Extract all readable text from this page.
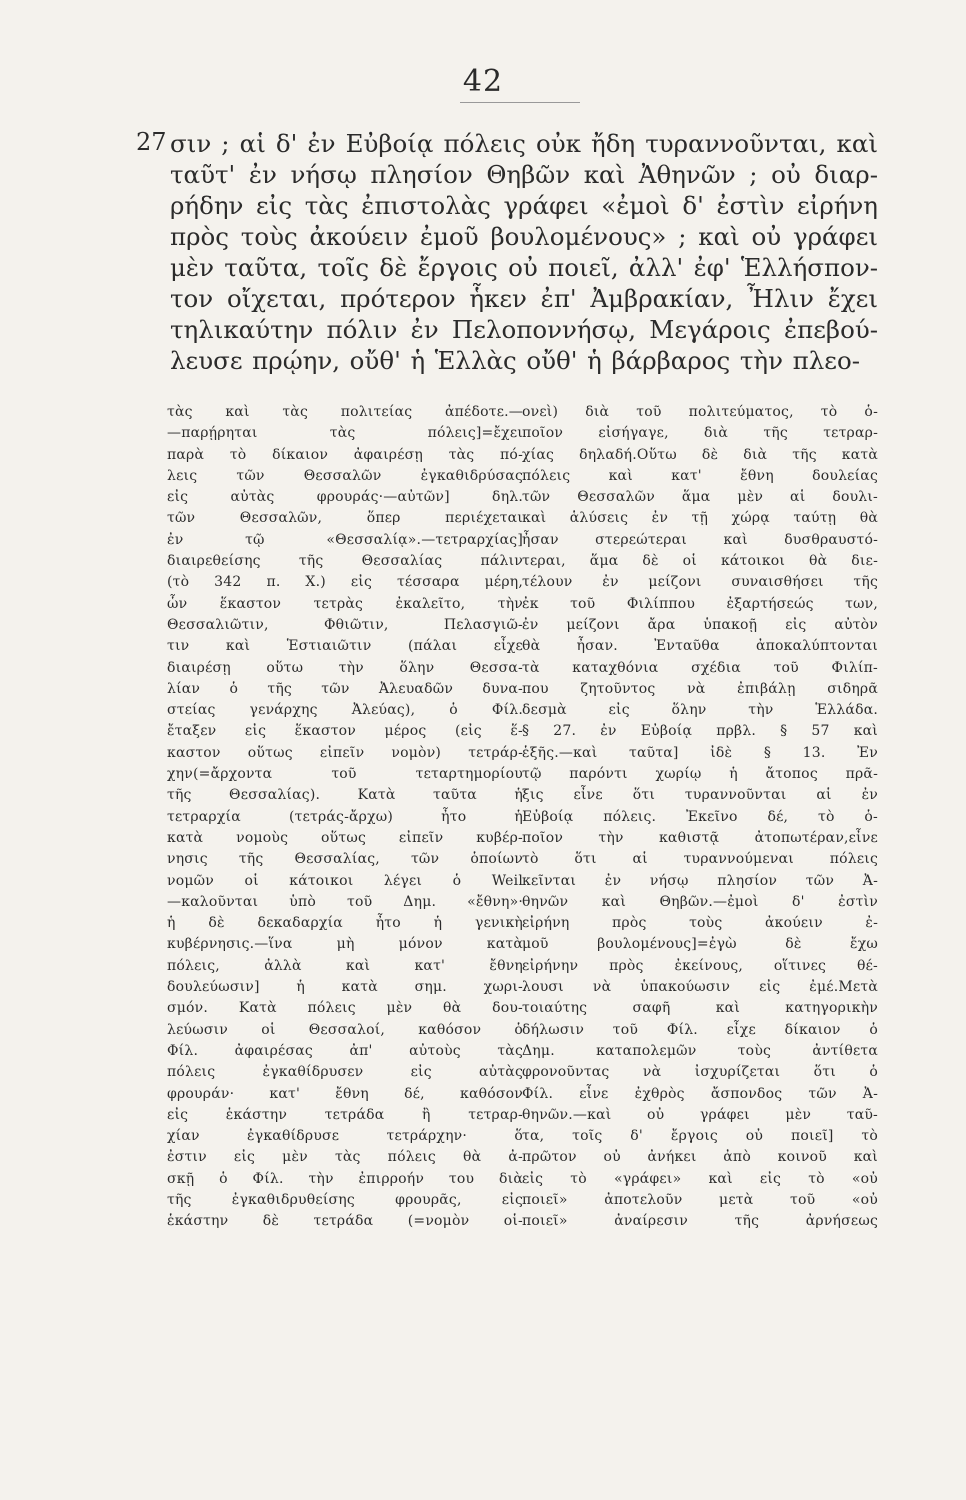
42
27 σιν ; αἱ δ' ἐν Εὐβοίᾳ πόλεις οὐκ ἤδη τυραννοῦνται, καὶ
ταῦτ' ἐν νήσῳ πλησίον Θηβῶν καὶ Ἀθηνῶν ; οὐ διαρ-
ρήδην εἰς τὰς ἐπιστολὰς γράφει «ἐμοὶ δ' ἐστὶν εἰρήνη
πρὸς τοὺς ἀκούειν ἐμοῦ βουλομένους» ; καὶ οὐ γράφει
μὲν ταῦτα, τοῖς δὲ ἔργοις οὐ ποιεῖ, ἀλλ' ἐφ' Ἑλλήσπον-
τον οἴχεται, πρότερον ἧκεν ἐπ' Ἀμβρακίαν, Ἦλιν ἔχει
τηλικαύτην πόλιν ἐν Πελοποννήσῳ, Μεγάροις ἐπεβού-
λευσε πρῴην, οὔθ' ἡ Ἑλλὰς οὔθ' ἡ βάρβαρος τὴν πλεο-
τὰς καὶ τὰς πολιτείας ἀπέδοτε.—
—παρῄρηται τὰς πόλεις]=ἔχει
παρὰ τὸ δίκαιον ἀφαιρέσῃ τὰς πό-
λεις τῶν Θεσσαλῶν ἐγκαθιδρύσας
εἰς αὐτὰς φρουράς·—αὐτῶν] δηλ.
τῶν Θεσσαλῶν, ὅπερ περιέχεται
ἐν τῷ «Θεσσαλίᾳ».—τετραρχίας]
διαιρεθείσης τῆς Θεσσαλίας πάλιν
(τὸ 342 π. Χ.) εἰς τέσσαρα μέρη,
ὧν ἕκαστον τετρὰς ἐκαλεῖτο, τὴν
Θεσσαλιῶτιν, Φθιῶτιν, Πελασγιῶ-
τιν καὶ Ἑστιαιῶτιν (πάλαι εἶχε
διαιρέσῃ οὕτω τὴν ὅλην Θεσσα-
λίαν ὁ τῆς τῶν Ἀλευαδῶν δυνα-
στείας γενάρχης Ἀλεύας), ὁ Φίλ.
ἔταξεν εἰς ἕκαστον μέρος (εἰς ἕ-
καστον οὕτως εἰπεῖν νομὸν) τετράρ-
χην(=ἄρχοντα τοῦ τεταρτημορίου
τῆς Θεσσαλίας). Κατὰ ταῦτα ἡ
τετραρχία (τετράς-ἄρχω) ἦτο ἡ
κατὰ νομοὺς οὕτως εἰπεῖν κυβέρ-
νησις τῆς Θεσσαλίας, τῶν ὁποίων
νομῶν οἱ κάτοικοι λέγει ὁ Weil
—καλοῦνται ὑπὸ τοῦ Δημ. «ἔθνη»·
ἡ δὲ δεκαδαρχία ἦτο ἡ γενικὴ
κυβέρνησις.—ἵνα μὴ μόνον κατὰ
πόλεις, ἀλλὰ καὶ κατ' ἔθνη
δουλεύωσιν] ἡ κατὰ σημ. χωρι-
σμόν. Κατὰ πόλεις μὲν θὰ δου-
λεύωσιν οἱ Θεσσαλοί, καθόσον ὁ
Φίλ. ἀφαιρέσας ἀπ' αὐτοὺς τὰς
πόλεις ἐγκαθίδρυσεν εἰς αὐτὰς
φρουράν· κατ' ἔθνη δέ, καθόσον
εἰς ἑκάστην τετράδα ἢ τετραρ-
χίαν ἐγκαθίδρυσε τετράρχην· ὅ
ἐστιν εἰς μὲν τὰς πόλεις θὰ ἀ-
σκῇ ὁ Φίλ. τὴν ἐπιρροήν του διὰ
τῆς ἐγκαθιδρυθείσης φρουρᾶς, εἰς
ἑκάστην δὲ τετράδα (=νομὸν οἱ-
ονεὶ) διὰ τοῦ πολιτεύματος, τὸ ὁ-
ποῖον εἰσήγαγε, διὰ τῆς τετραρ-
χίας δηλαδή.Οὕτω δὲ διὰ τῆς κατὰ
πόλεις καὶ κατ' ἔθνη δουλείας
τῶν Θεσσαλῶν ἅμα μὲν αἱ δουλι-
καὶ ἁλύσεις ἐν τῇ χώρᾳ ταύτῃ θὰ
ἦσαν στερεώτεραι καὶ δυσθραυστό-
τεραι, ἅμα δὲ οἱ κάτοικοι θὰ διε-
τέλουν ἐν μείζονι συναισθήσει τῆς
ἐκ τοῦ Φιλίππου ἐξαρτήσεώς των,
ἐν μείζονι ἄρα ὑπακοῇ εἰς αὐτὸν
θὰ ἦσαν. Ἐνταῦθα ἀποκαλύπτονται
τὰ καταχθόνια σχέδια τοῦ Φιλίπ-
που ζητοῦντος νὰ ἐπιβάλῃ σιδηρᾶ
δεσμὰ εἰς ὅλην τὴν Ἑλλάδα.
§ 27. ἐν Εὐβοίᾳ πρβλ. § 57 καὶ
ἑξῆς.—καὶ ταῦτα] ἰδὲ § 13. Ἐν
τῷ παρόντι χωρίῳ ἡ ἄτοπος πρᾶ-
ξις εἶνε ὅτι τυραννοῦνται αἱ ἐν
Εὐβοίᾳ πόλεις. Ἐκεῖνο δέ, τὸ ὁ-
ποῖον τὴν καθιστᾷ ἀτοπωτέραν,εἶνε
τὸ ὅτι αἱ τυραννούμεναι πόλεις
κεῖνται ἐν νήσῳ πλησίον τῶν Ἀ-
θηνῶν καὶ Θηβῶν.—ἐμοὶ δ' ἐστὶν
εἰρήνη πρὸς τοὺς ἀκούειν ἐ-
μοῦ βουλομένους]=ἐγὼ δὲ ἔχω
εἰρήνην πρὸς ἐκείνους, οἵτινες θέ-
λουσι νὰ ὑπακούωσιν εἰς ἐμέ.Μετὰ
τοιαύτης σαφῆ καὶ κατηγορικὴν
δήλωσιν τοῦ Φίλ. εἶχε δίκαιον ὁ
Δημ. καταπολεμῶν τοὺς ἀντίθετα
φρονοῦντας νὰ ἰσχυρίζεται ὅτι ὁ
Φίλ. εἶνε ἐχθρὸς ἄσπονδος τῶν Ἀ-
θηνῶν.—καὶ οὐ γράφει μὲν ταῦ-
τα, τοῖς δ' ἔργοις οὐ ποιεῖ] τὸ
πρῶτον οὐ ἀνήκει ἀπὸ κοινοῦ καὶ
εἰς τὸ «γράφει» καὶ εἰς τὸ «οὐ
ποιεῖ» ἀποτελοῦν μετὰ τοῦ «οὐ
ποιεῖ» ἀναίρεσιν τῆς ἀρνήσεως
